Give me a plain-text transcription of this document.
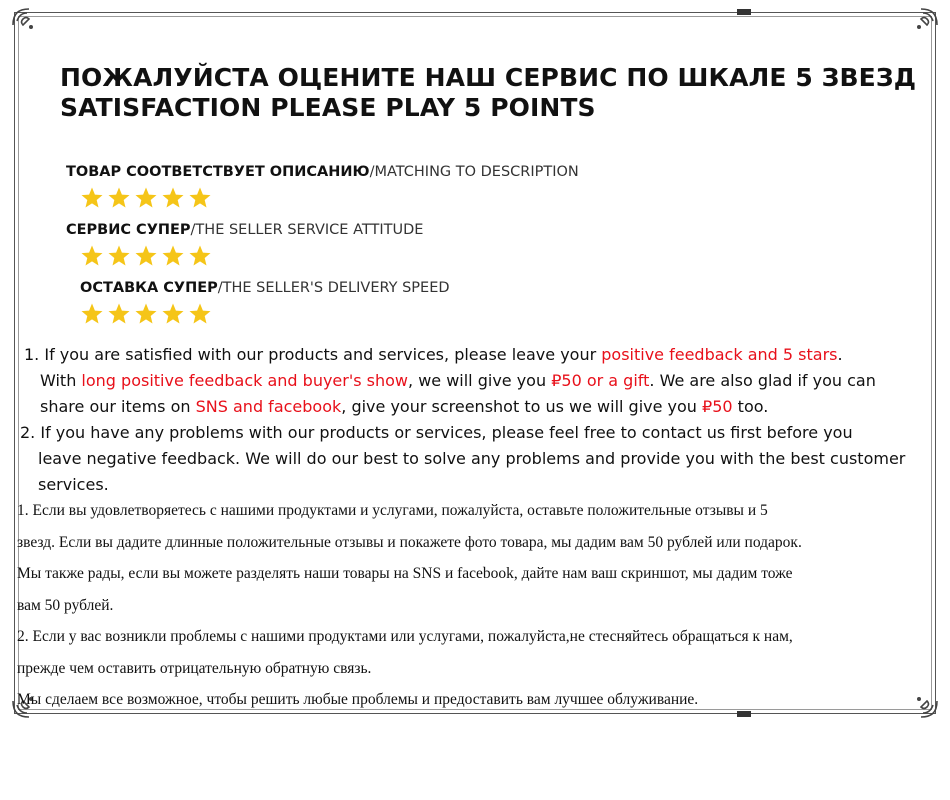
ПОЖАЛУЙСТА ОЦЕНИТЕ НАШ СЕРВИС ПО ШКАЛЕ 5 ЗВЕЗД
SATISFACTION PLEASE PLAY 5 POINTS
ТОВАР СООТВЕТСТВУЕТ ОПИСАНИЮ/MATCHING TO DESCRIPTION
СЕРВИС СУПЕР/THE SELLER SERVICE ATTITUDE
ОСТАВКА СУПЕР/THE SELLER'S DELIVERY SPEED

1. If you are satisfied with our products and services, please leave your positive feedback and 5 stars.

With long positive feedback and buyer's show, we will give you ₽50 or a gift. We are also glad if you can

share our items on SNS and facebook, give your screenshot to us we will give you ₽50 too.

2. If you have any problems with our products or services, please feel free to contact us first before you

leave negative feedback. We will do our best to solve any problems and provide you with the best customer

services.

1. Если вы удовлетворяетесь с нашими продуктами и услугами, пожалуйста, оставьте положительные отзывы и 5

звезд. Если вы дадите длинные положительные отзывы и покажете фото товара, мы дадим вам 50 рублей или подарок.

Мы также рады, если вы можете разделять наши товары на SNS и facebook, дайте нам ваш скриншот, мы дадим тоже

вам 50 рублей.

2. Если у вас возникли проблемы с нашими продуктами или услугами, пожалуйста,не стесняйтесь обращаться к нам,

прежде чем оставить отрицательную обратную связь.

Мы сделаем все возможное, чтобы решить любые проблемы и предоставить вам лучшее облуживание.
